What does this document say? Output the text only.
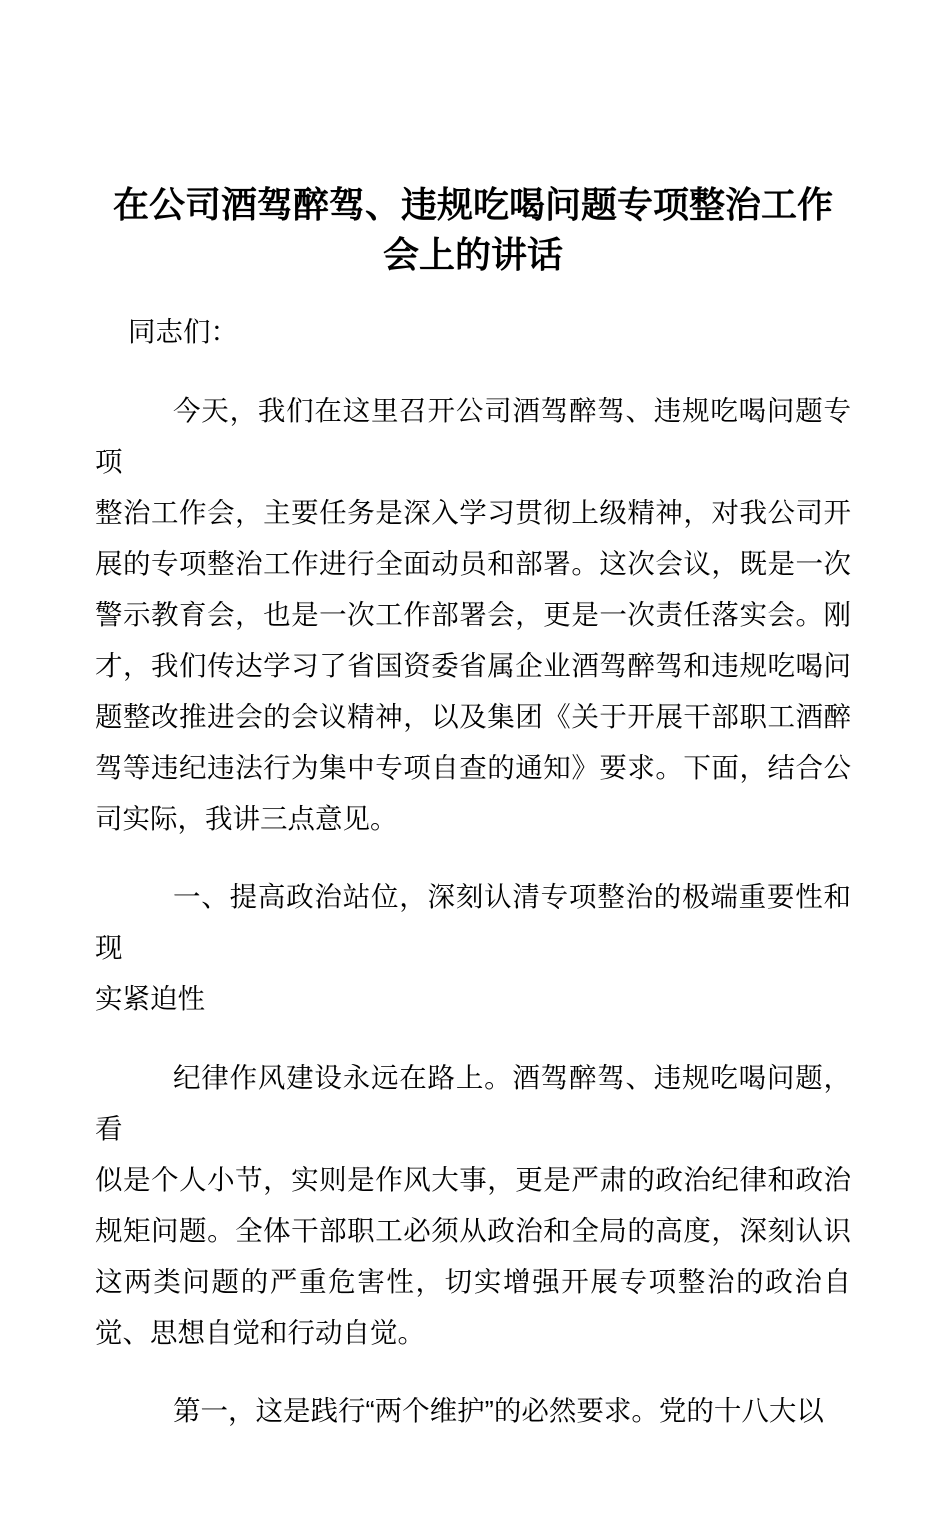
在公司酒驾醉驾、违规吃喝问题专项整治工作
会上的讲话

同志们：

今天，我们在这里召开公司酒驾醉驾、违规吃喝问题专项
整治工作会，主要任务是深入学习贯彻上级精神，对我公司开
展的专项整治工作进行全面动员和部署。这次会议，既是一次
警示教育会，也是一次工作部署会，更是一次责任落实会。刚
才，我们传达学习了省国资委省属企业酒驾醉驾和违规吃喝问
题整改推进会的会议精神，以及集团《关于开展干部职工酒醉
驾等违纪违法行为集中专项自查的通知》要求。下面，结合公
司实际，我讲三点意见。

一、提高政治站位，深刻认清专项整治的极端重要性和现
实紧迫性

纪律作风建设永远在路上。酒驾醉驾、违规吃喝问题，看
似是个人小节，实则是作风大事，更是严肃的政治纪律和政治
规矩问题。全体干部职工必须从政治和全局的高度，深刻认识
这两类问题的严重危害性，切实增强开展专项整治的政治自
觉、思想自觉和行动自觉。

第一，这是践行“两个维护”的必然要求。党的十八大以
